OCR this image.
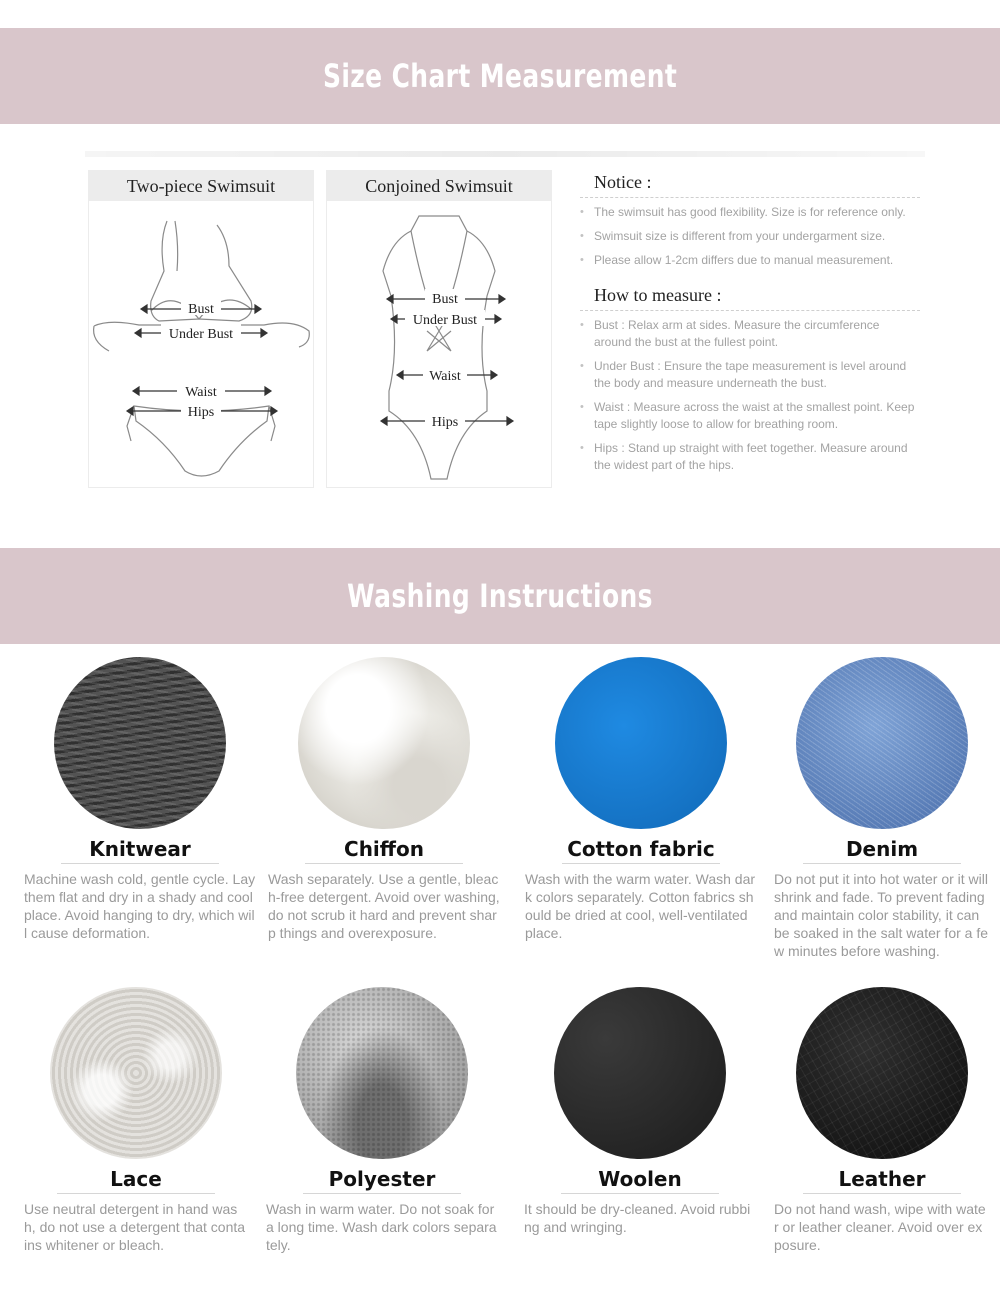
Size Chart Measurement
Two-piece Swimsuit
Bust
Under Bust
Waist
Hips
Conjoined Swimsuit
Bust
Under Bust
Waist
Hips
Notice :
• The swimsuit has good flexibility. Size is for reference only.
• Swimsuit size is different from your undergarment size.
• Please allow 1-2cm differs due to manual measurement.
How to measure :
• Bust : Relax arm at sides. Measure the circumference around the bust at the fullest point.
• Under Bust : Ensure the tape measurement is level around the body and measure underneath the bust.
• Waist : Measure across the waist at the smallest point. Keep tape slightly loose to allow for breathing room.
• Hips : Stand up straight with feet together. Measure around the widest part of the hips.
Washing Instructions
Knitwear
Machine wash cold, gentle cycle. Lay them flat and dry in a shady and cool place. Avoid hanging to dry, which will cause deformation.
Chiffon
Wash separately. Use a gentle, bleach-free detergent. Avoid over washing, do not scrub it hard and prevent sharp things and overexposure.
Cotton fabric
Wash with the warm water. Wash dark colors separately. Cotton fabrics should be dried at cool, well-ventilated place.
Denim
Do not put it into hot water or it will shrink and fade. To prevent fading and maintain color stability, it can be soaked in the salt water for a few minutes before washing.
Lace
Use neutral detergent in hand wash, do not use a detergent that contains whitener or bleach.
Polyester
Wash in warm water. Do not soak for a long time. Wash dark colors separately.
Woolen
It should be dry-cleaned. Avoid rubbing and wringing.
Leather
Do not hand wash, wipe with water or leather cleaner. Avoid over exposure.
